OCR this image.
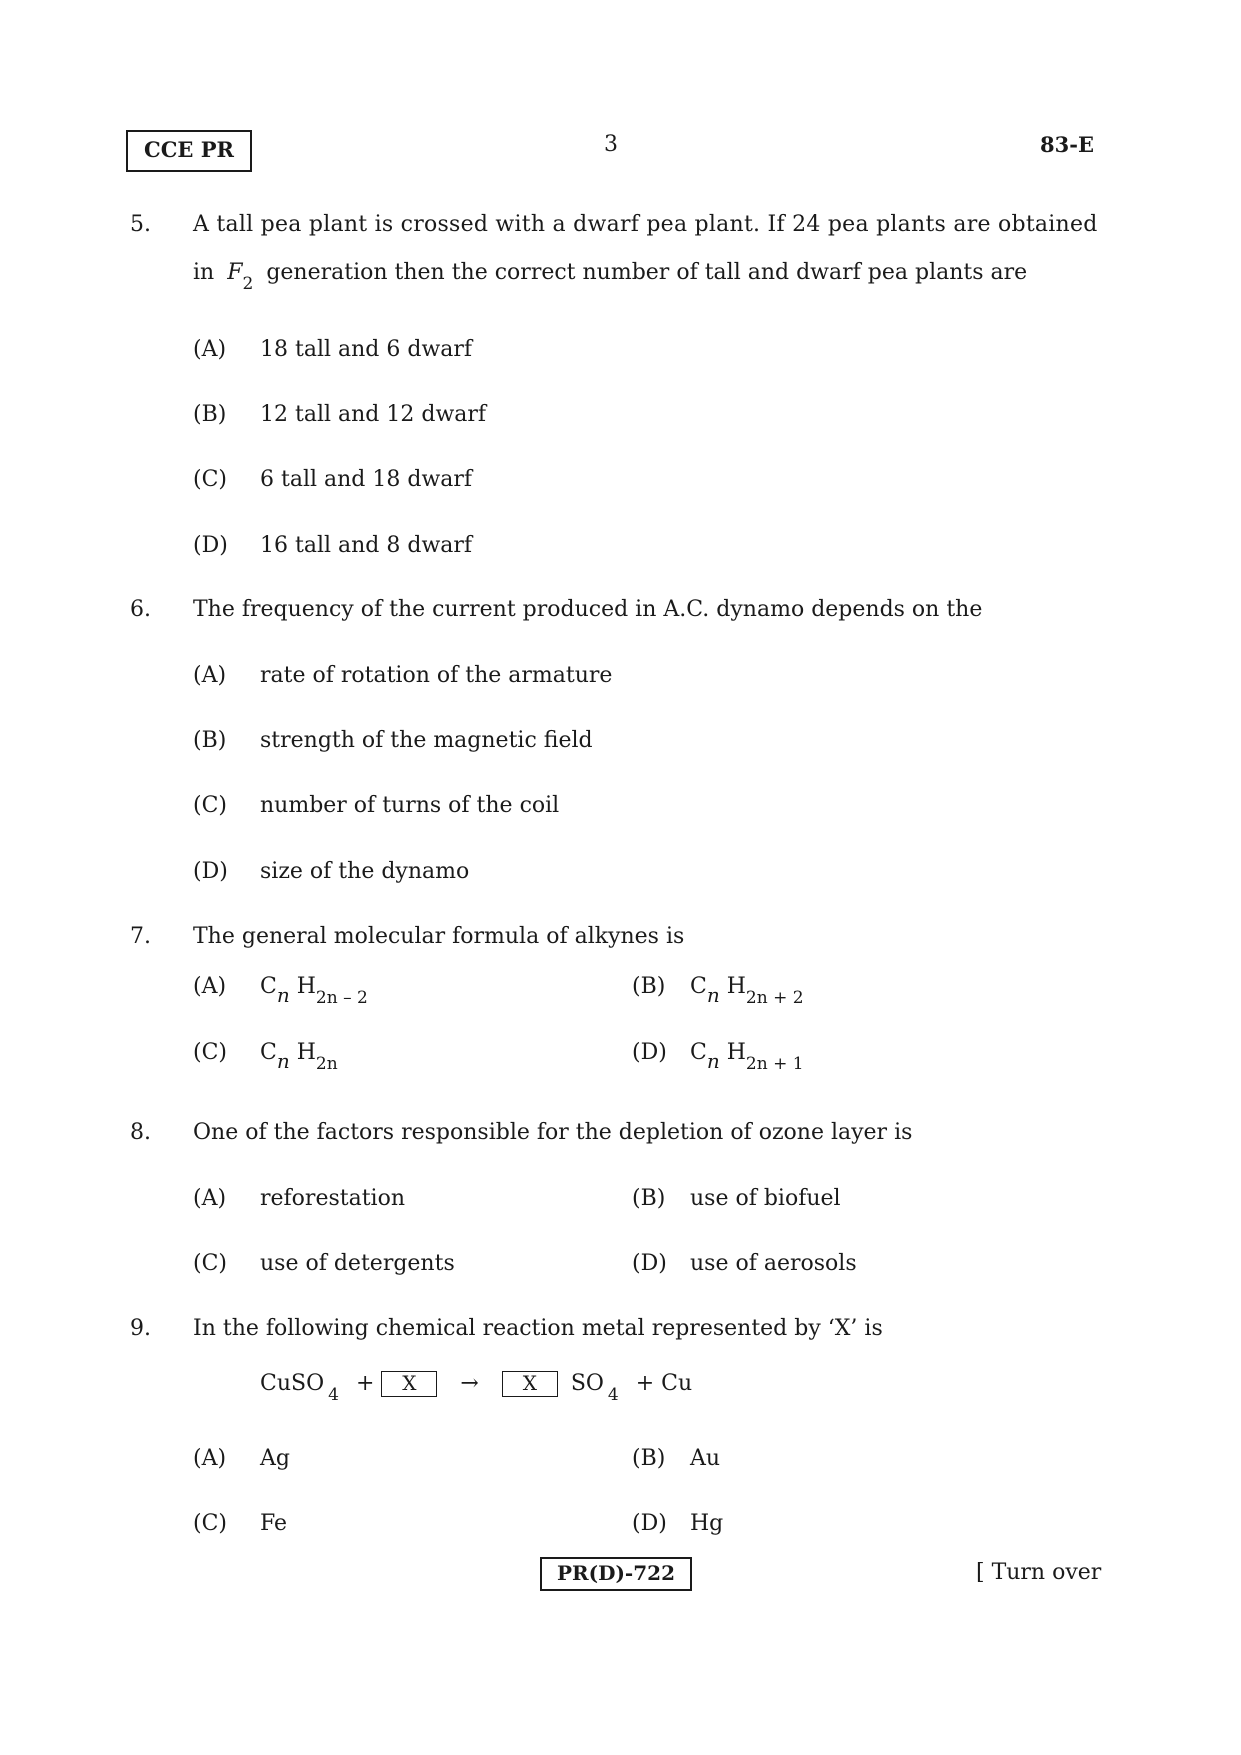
CCE PR	3	83-E
5. A tall pea plant is crossed with a dwarf pea plant. If 24 pea plants are obtained
in $F_2$ generation then the correct number of tall and dwarf pea plants are
(A) 18 tall and 6 dwarf
(B) 12 tall and 12 dwarf
(C) 6 tall and 18 dwarf
(D) 16 tall and 8 dwarf
6. The frequency of the current produced in A.C. dynamo depends on the
(A) rate of rotation of the armature
(B) strength of the magnetic field
(C) number of turns of the coil
(D) size of the dynamo
7. The general molecular formula of alkynes is
(A) Cn $H_{2n - 2}$	(B) Cn $H_{2n + 2}$
(C) Cn $H_{2n}$	(D) Cn $H_{2n + 1}$
8. One of the factors responsible for the depletion of ozone layer is
(A) reforestation	(B) use of biofuel
(C) use of detergents	(D) use of aerosols
9. In the following chemical reaction metal represented by ‘X’ is
CuSO $_4$ + X → X SO $_4$ + Cu
(A) Ag	(B) Au
(C) Fe	(D) Hg
PR(D)-722	[ Turn over
